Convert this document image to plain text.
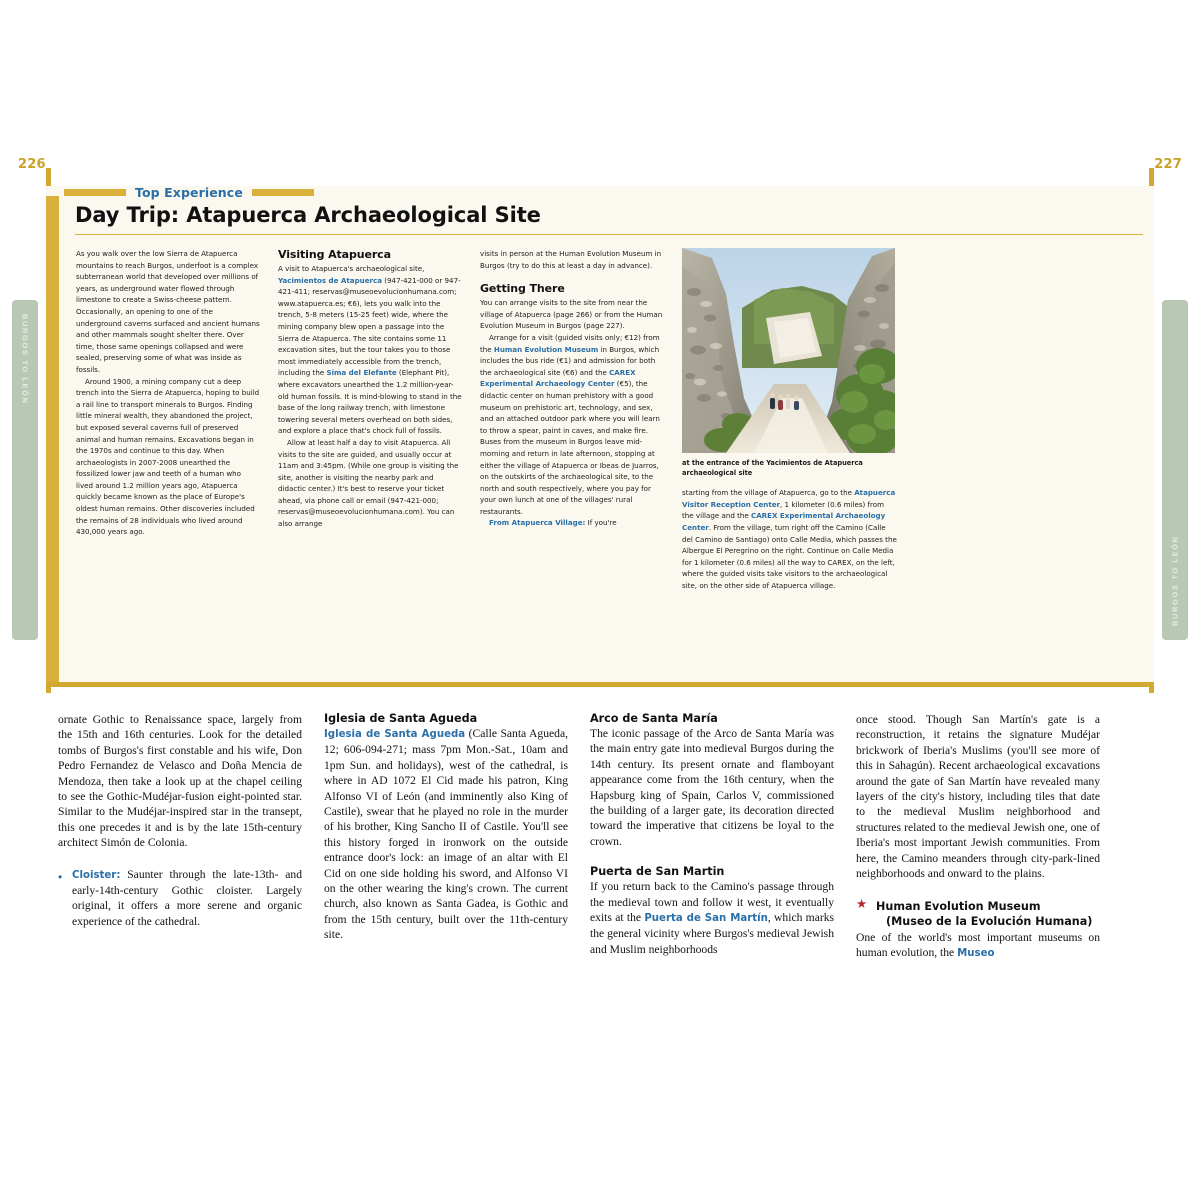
226	227
BURGOS TO LEÓN
BURGOS TO LEÓN
Top Experience
Day Trip: Atapuerca Archaeological Site

As you walk over the low Sierra de Atapuerca mountains to reach Burgos, underfoot is a complex subterranean world that developed over millions of years, as underground water flowed through limestone to create a Swiss-cheese pattern. Occasionally, an opening to one of the underground caverns surfaced and ancient humans and other mammals sought shelter there. Over time, those same openings collapsed and were sealed, preserving some of what was inside as fossils.

Around 1900, a mining company cut a deep trench into the Sierra de Atapuerca, hoping to build a rail line to transport minerals to Burgos. Finding little mineral wealth, they abandoned the project, but exposed several caverns full of preserved animal and human remains. Excavations began in the 1970s and continue to this day. When archaeologists in 2007-2008 unearthed the fossilized lower jaw and teeth of a human who lived around 1.2 million years ago, Atapuerca quickly became known as the place of Europe's oldest human remains. Other discoveries included the remains of 28 individuals who lived around 430,000 years ago.

Visiting Atapuerca

A visit to Atapuerca's archaeological site, Yacimientos de Atapuerca (947-421-000 or 947-421-411; reservas@museoevolucionhumana.com; www.atapuerca.es; €6), lets you walk into the trench, 5-8 meters (15-25 feet) wide, where the mining company blew open a passage into the Sierra de Atapuerca. The site contains some 11 excavation sites, but the tour takes you to those most immediately accessible from the trench, including the Sima del Elefante (Elephant Pit), where excavators unearthed the 1.2 million-year-old human fossils. It is mind-blowing to stand in the base of the long railway trench, with limestone towering several meters overhead on both sides, and explore a place that's chock full of fossils.

Allow at least half a day to visit Atapuerca. All visits to the site are guided, and usually occur at 11am and 3:45pm. (While one group is visiting the site, another is visiting the nearby park and didactic center.) It's best to reserve your ticket ahead, via phone call or email (947-421-000; reservas@museoevolucionhumana.com). You can also arrange

visits in person at the Human Evolution Museum in Burgos (try to do this at least a day in advance).

Getting There

You can arrange visits to the site from near the village of Atapuerca (page 266) or from the Human Evolution Museum in Burgos (page 227).

Arrange for a visit (guided visits only; €12) from the Human Evolution Museum in Burgos, which includes the bus ride (€1) and admission for both the archaeological site (€6) and the CAREX Experimental Archaeology Center (€5), the didactic center on human prehistory with a good museum on prehistoric art, technology, and sex, and an attached outdoor park where you will learn to throw a spear, paint in caves, and make fire. Buses from the museum in Burgos leave mid-morning and return in late afternoon, stopping at either the village of Atapuerca or Ibeas de Juarros, on the outskirts of the archaeological site, to the north and south respectively, where you pay for your own lunch at one of the villages' rural restaurants.

From Atapuerca Village: If you're

at the entrance of the Yacimientos de Atapuerca archaeological site

starting from the village of Atapuerca, go to the Atapuerca Visitor Reception Center, 1 kilometer (0.6 miles) from the village and the CAREX Experimental Archaeology Center. From the village, turn right off the Camino (Calle del Camino de Santiago) onto Calle Media, which passes the Albergue El Peregrino on the right. Continue on Calle Media for 1 kilometer (0.6 miles) all the way to CAREX, on the left, where the guided visits take visitors to the archaeological site, on the other side of Atapuerca village.

ornate Gothic to Renaissance space, largely from the 15th and 16th centuries. Look for the detailed tombs of Burgos's first constable and his wife, Don Pedro Fernandez de Velasco and Doña Mencia de Mendoza, then take a look up at the chapel ceiling to see the Gothic-Mudéjar-fusion eight-pointed star. Similar to the Mudéjar-inspired star in the transept, this one precedes it and is by the late 15th-century architect Simón de Colonia.

• Cloister: Saunter through the late-13th- and early-14th-century Gothic cloister. Largely original, it offers a more serene and organic experience of the cathedral.

Iglesia de Santa Agueda

Iglesia de Santa Agueda (Calle Santa Agueda, 12; 606-094-271; mass 7pm Mon.-Sat., 10am and 1pm Sun. and holidays), west of the cathedral, is where in AD 1072 El Cid made his patron, King Alfonso VI of León (and imminently also King of Castile), swear that he played no role in the murder of his brother, King Sancho II of Castile. You'll see this history forged in ironwork on the outside entrance door's lock: an image of an altar with El Cid on one side holding his sword, and Alfonso VI on the other wearing the king's crown. The current church, also known as Santa Gadea, is Gothic and from the 15th century, built over the 11th-century site.

Arco de Santa María

The iconic passage of the Arco de Santa María was the main entry gate into medieval Burgos during the 14th century. Its present ornate and flamboyant appearance come from the 16th century, when the Hapsburg king of Spain, Carlos V, commissioned the building of a larger gate, its decoration directed toward the imperative that citizens be loyal to the crown.

Puerta de San Martin

If you return back to the Camino's passage through the medieval town and follow it west, it eventually exits at the Puerta de San Martín, which marks the general vicinity where Burgos's medieval Jewish and Muslim neighborhoods

once stood. Though San Martín's gate is a reconstruction, it retains the signature Mudéjar brickwork of Iberia's Muslims (you'll see more of this in Sahagún). Recent archaeological excavations around the gate of San Martín have revealed many layers of the city's history, including tiles that date to the medieval Muslim neighborhood and structures related to the medieval Jewish one, one of Iberia's most important Jewish communities. From here, the Camino meanders through city-park-lined neighborhoods and onward to the plains.

★ Human Evolution Museum
(Museo de la Evolución Humana)

One of the world's most important museums on human evolution, the Museo
